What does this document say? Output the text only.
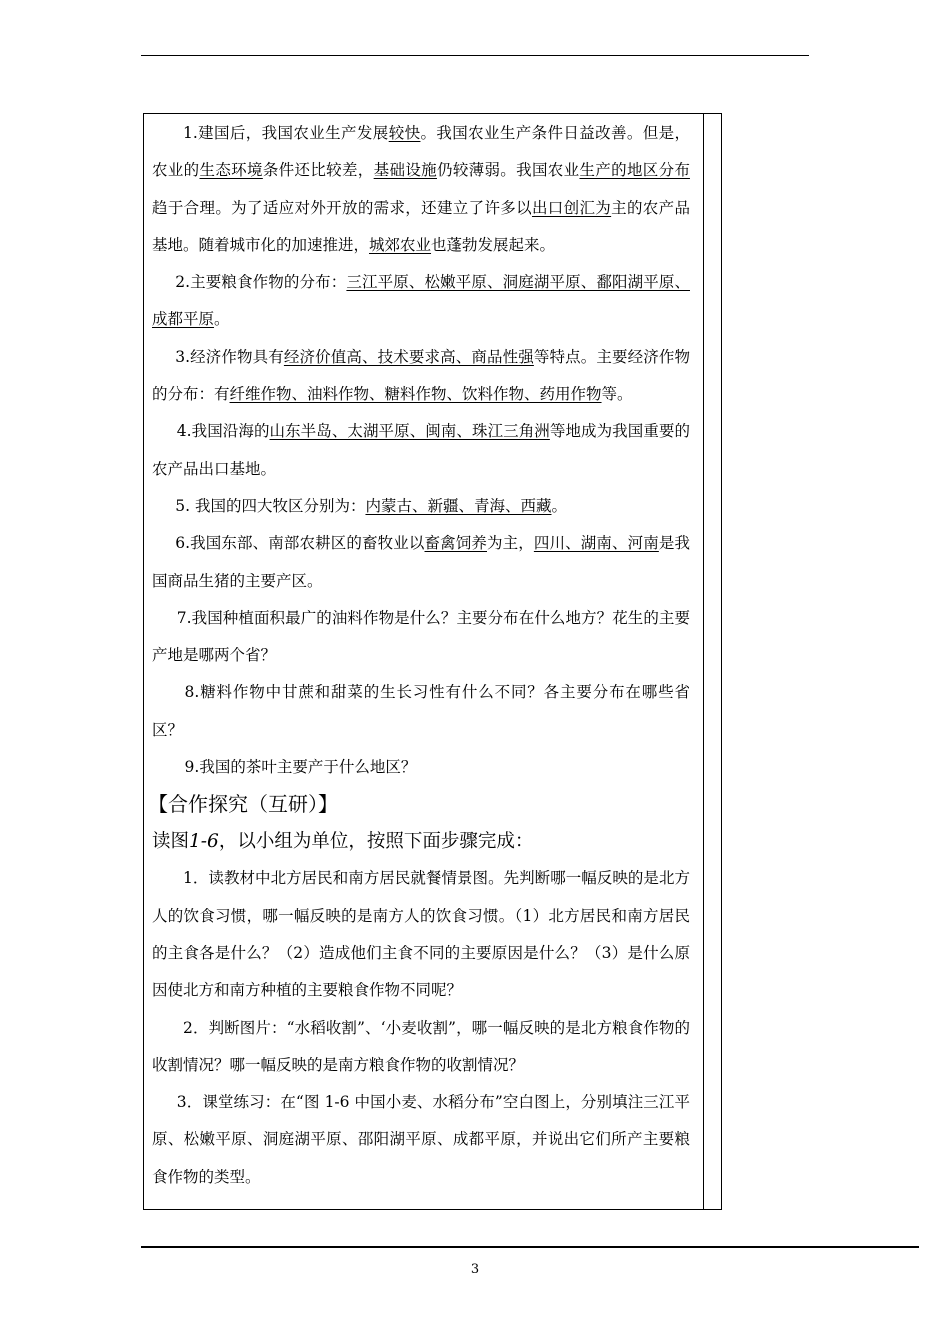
1.建国后，我国农业生产发展较快。我国农业生产条件日益改善。但是，农业的生态环境条件还比较差，基础设施仍较薄弱。我国农业生产的地区分布趋于合理。为了适应对外开放的需求，还建立了许多以出口创汇为主的农产品基地。随着城市化的加速推进，城郊农业也蓬勃发展起来。

2.主要粮食作物的分布：三江平原、松嫩平原、洞庭湖平原、鄱阳湖平原、成都平原。

3.经济作物具有经济价值高、技术要求高、商品性强等特点。主要经济作物的分布：有纤维作物、油料作物、糖料作物、饮料作物、药用作物等。

4.我国沿海的山东半岛、太湖平原、闽南、珠江三角洲等地成为我国重要的农产品出口基地。

5. 我国的四大牧区分别为：内蒙古、新疆、青海、西藏。

6.我国东部、南部农耕区的畜牧业以畜禽饲养为主，四川、湖南、河南是我国商品生猪的主要产区。

7.我国种植面积最广的油料作物是什么？主要分布在什么地方？花生的主要产地是哪两个省？

8.糖料作物中甘蔗和甜菜的生长习性有什么不同？各主要分布在哪些省区？

9.我国的茶叶主要产于什么地区？

【合作探究（互研）】

读图1-6，以小组为单位，按照下面步骤完成：

1．读教材中北方居民和南方居民就餐情景图。先判断哪一幅反映的是北方人的饮食习惯，哪一幅反映的是南方人的饮食习惯。（1）北方居民和南方居民的主食各是什么？（2）造成他们主食不同的主要原因是什么？（3）是什么原因使北方和南方种植的主要粮食作物不同呢？

2．判断图片：“水稻收割”、‘小麦收割”，哪一幅反映的是北方粮食作物的收割情况？哪一幅反映的是南方粮食作物的收割情况？

3．课堂练习：在“图 1-6 中国小麦、水稻分布”空白图上，分别填注三江平原、松嫩平原、洞庭湖平原、邵阳湖平原、成都平原，并说出它们所产主要粮食作物的类型。

3
